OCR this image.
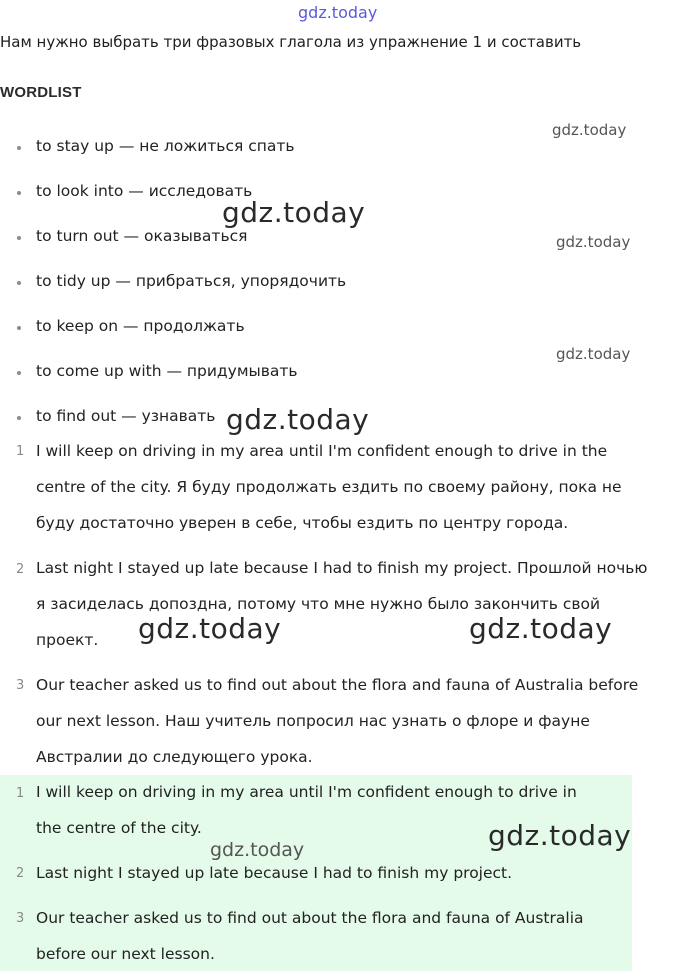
gdz.today
Нам нужно выбрать три фразовых глагола из упражнение 1 и составить
WORDLIST
to stay up — не ложиться спать
to look into — исследовать
to turn out — оказываться
to tidy up — прибраться, упорядочить
to keep on — продолжать
to come up with — придумывать
to find out — узнавать
1 I will keep on driving in my area until I'm confident enough to drive in the
centre of the city. Я буду продолжать ездить по своему району, пока не
буду достаточно уверен в себе, чтобы ездить по центру города.
2 Last night I stayed up late because I had to finish my project. Прошлой ночью
я засиделась допоздна, потому что мне нужно было закончить свой
проект.
3 Our teacher asked us to find out about the flora and fauna of Australia before
our next lesson. Наш учитель попросил нас узнать о флоре и фауне
Австралии до следующего урока.
1 I will keep on driving in my area until I'm confident enough to drive in
the centre of the city.
2 Last night I stayed up late because I had to finish my project.
3 Our teacher asked us to find out about the flora and fauna of Australia
before our next lesson.
gdz.today
gdz.today
gdz.today
gdz.today
gdz.today
gdz.today	gdz.today
gdz.today
gdz.today
